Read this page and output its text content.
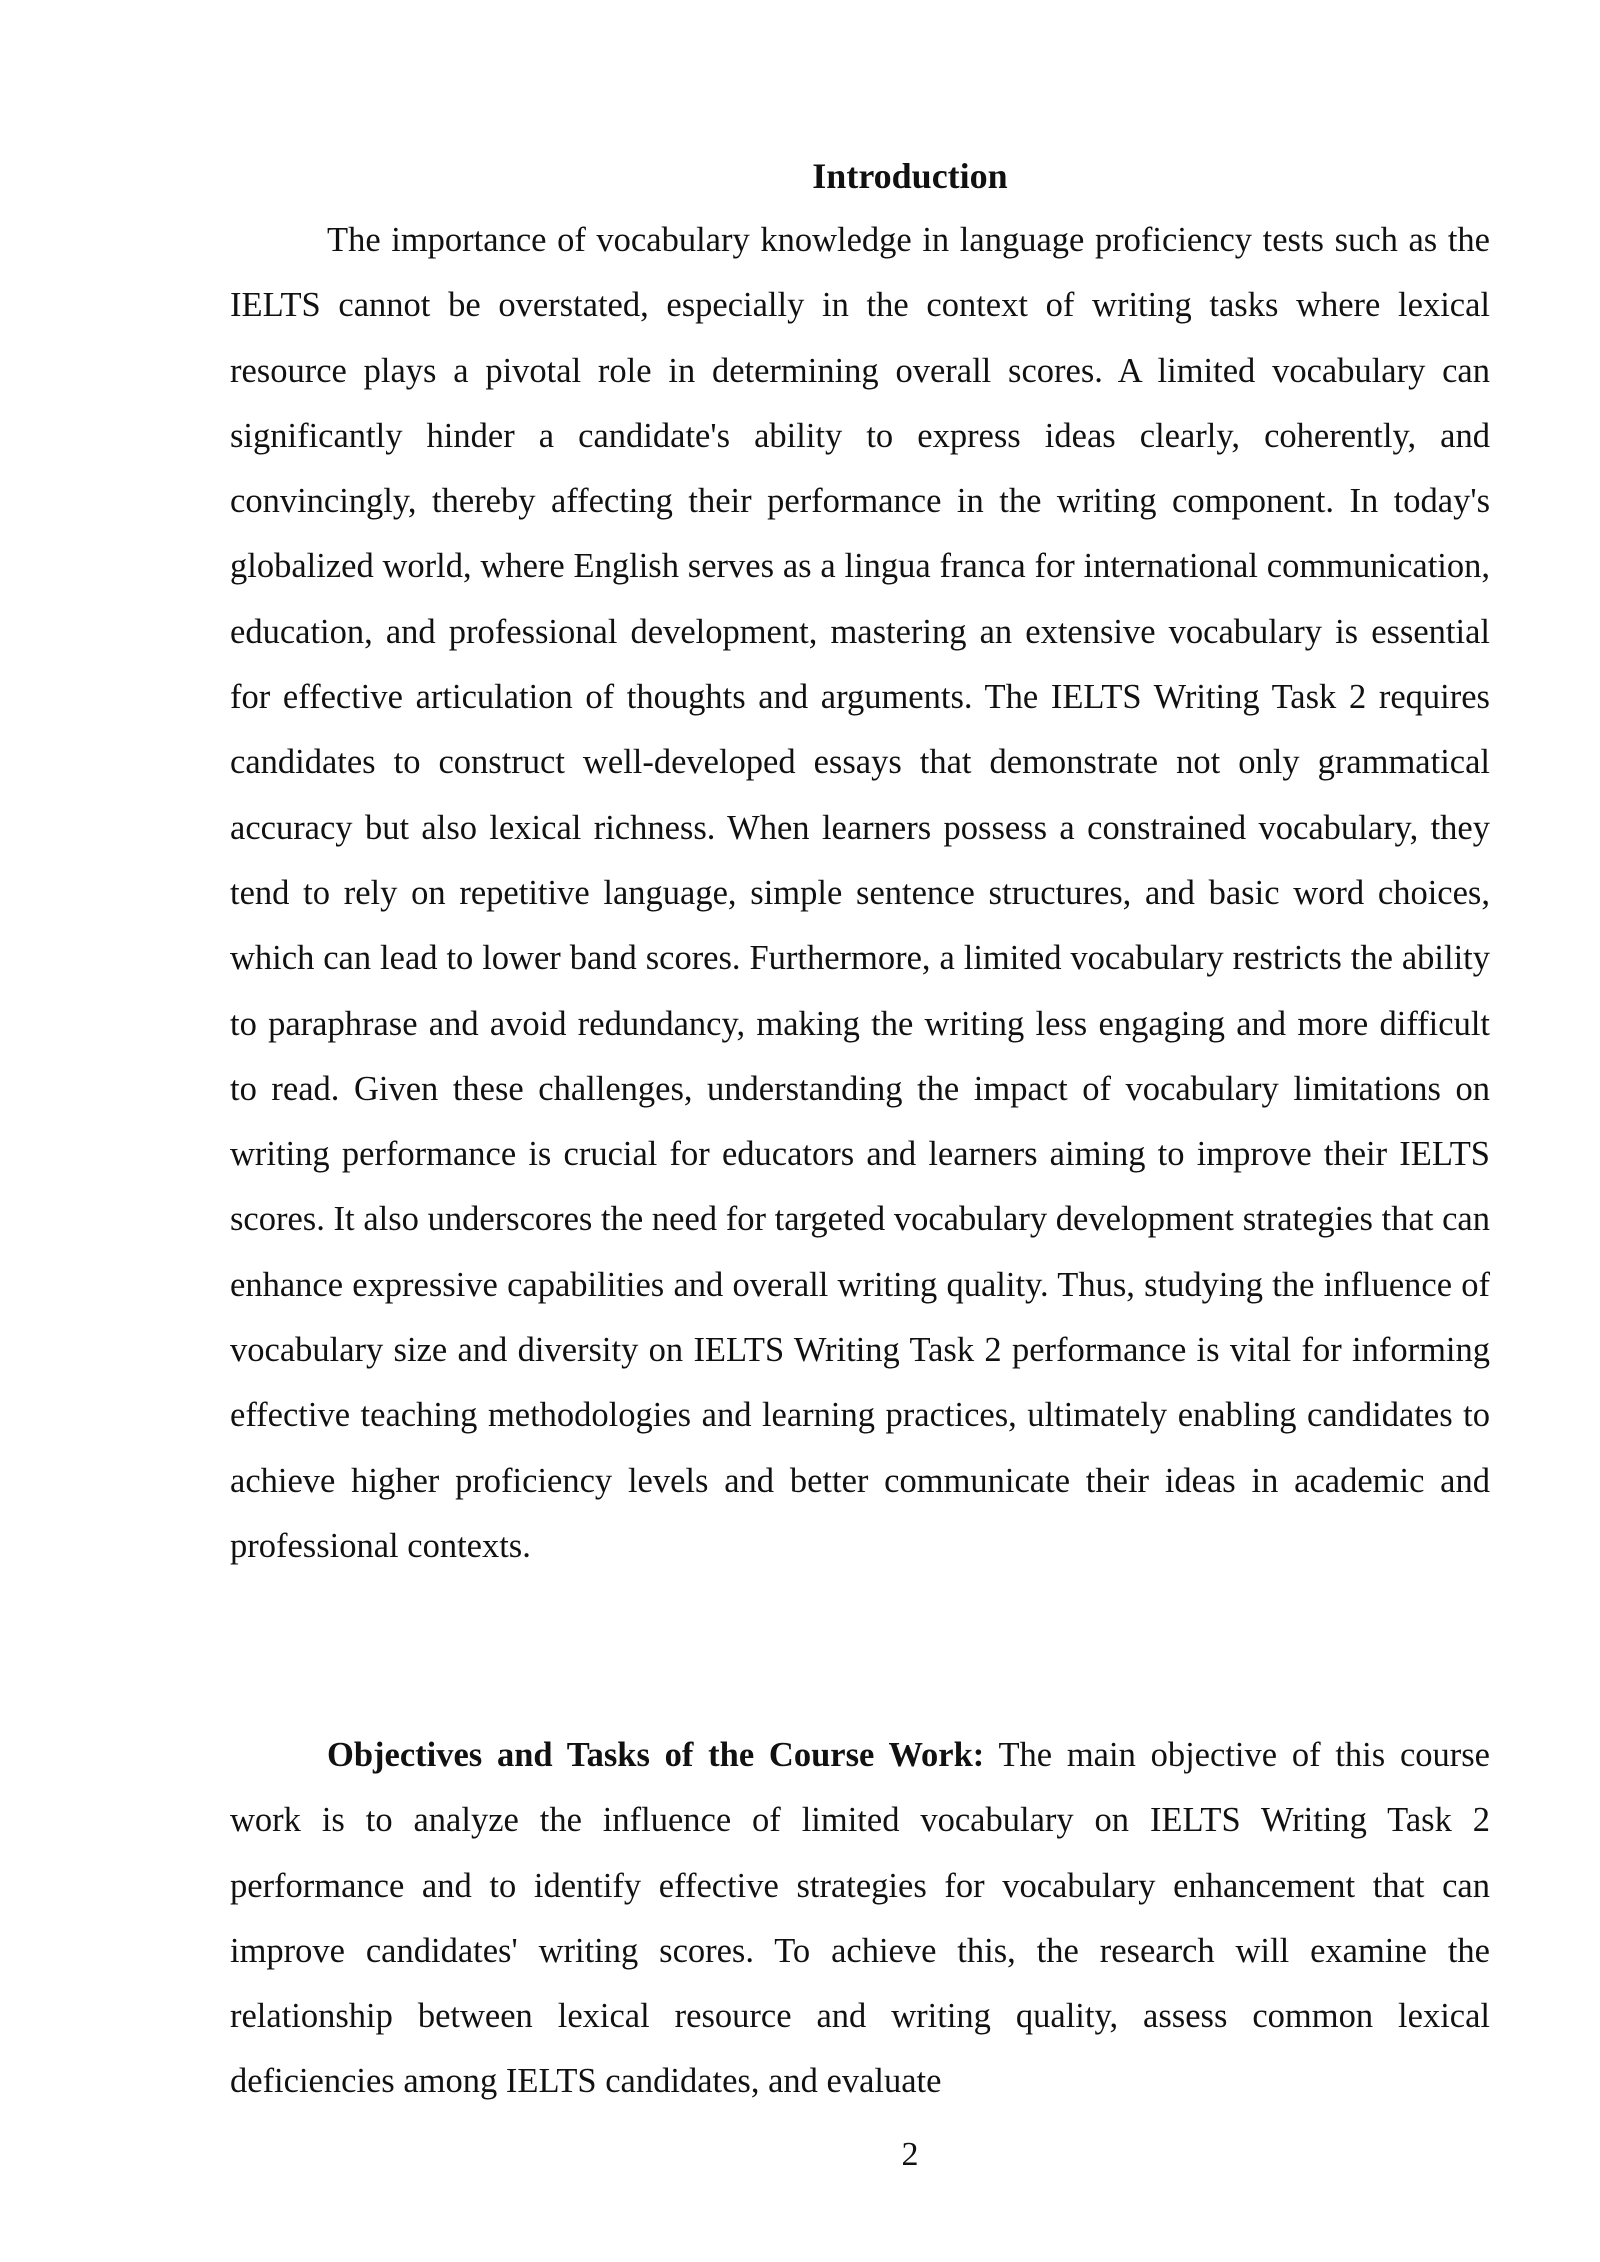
Introduction

The importance of vocabulary knowledge in language proficiency tests such as the IELTS cannot be overstated, especially in the context of writing tasks where lexical resource plays a pivotal role in determining overall scores. A limited vocabulary can significantly hinder a candidate's ability to express ideas clearly, coherently, and convincingly, thereby affecting their performance in the writing component. In today's globalized world, where English serves as a lingua franca for international communication, education, and professional development, mastering an extensive vocabulary is essential for effective articulation of thoughts and arguments. The IELTS Writing Task 2 requires candidates to construct well-developed essays that demonstrate not only grammatical accuracy but also lexical richness. When learners possess a constrained vocabulary, they tend to rely on repetitive language, simple sentence structures, and basic word choices, which can lead to lower band scores. Furthermore, a limited vocabulary restricts the ability to paraphrase and avoid redundancy, making the writing less engaging and more difficult to read. Given these challenges, understanding the impact of vocabulary limitations on writing performance is crucial for educators and learners aiming to improve their IELTS scores. It also underscores the need for targeted vocabulary development strategies that can enhance expressive capabilities and overall writing quality. Thus, studying the influence of vocabulary size and diversity on IELTS Writing Task 2 performance is vital for informing effective teaching methodologies and learning practices, ultimately enabling candidates to achieve higher proficiency levels and better communicate their ideas in academic and professional contexts.

Objectives and Tasks of the Course Work: The main objective of this course work is to analyze the influence of limited vocabulary on IELTS Writing Task 2 performance and to identify effective strategies for vocabulary enhancement that can improve candidates' writing scores. To achieve this, the research will examine the relationship between lexical resource and writing quality, assess common lexical deficiencies among IELTS candidates, and evaluate

2
